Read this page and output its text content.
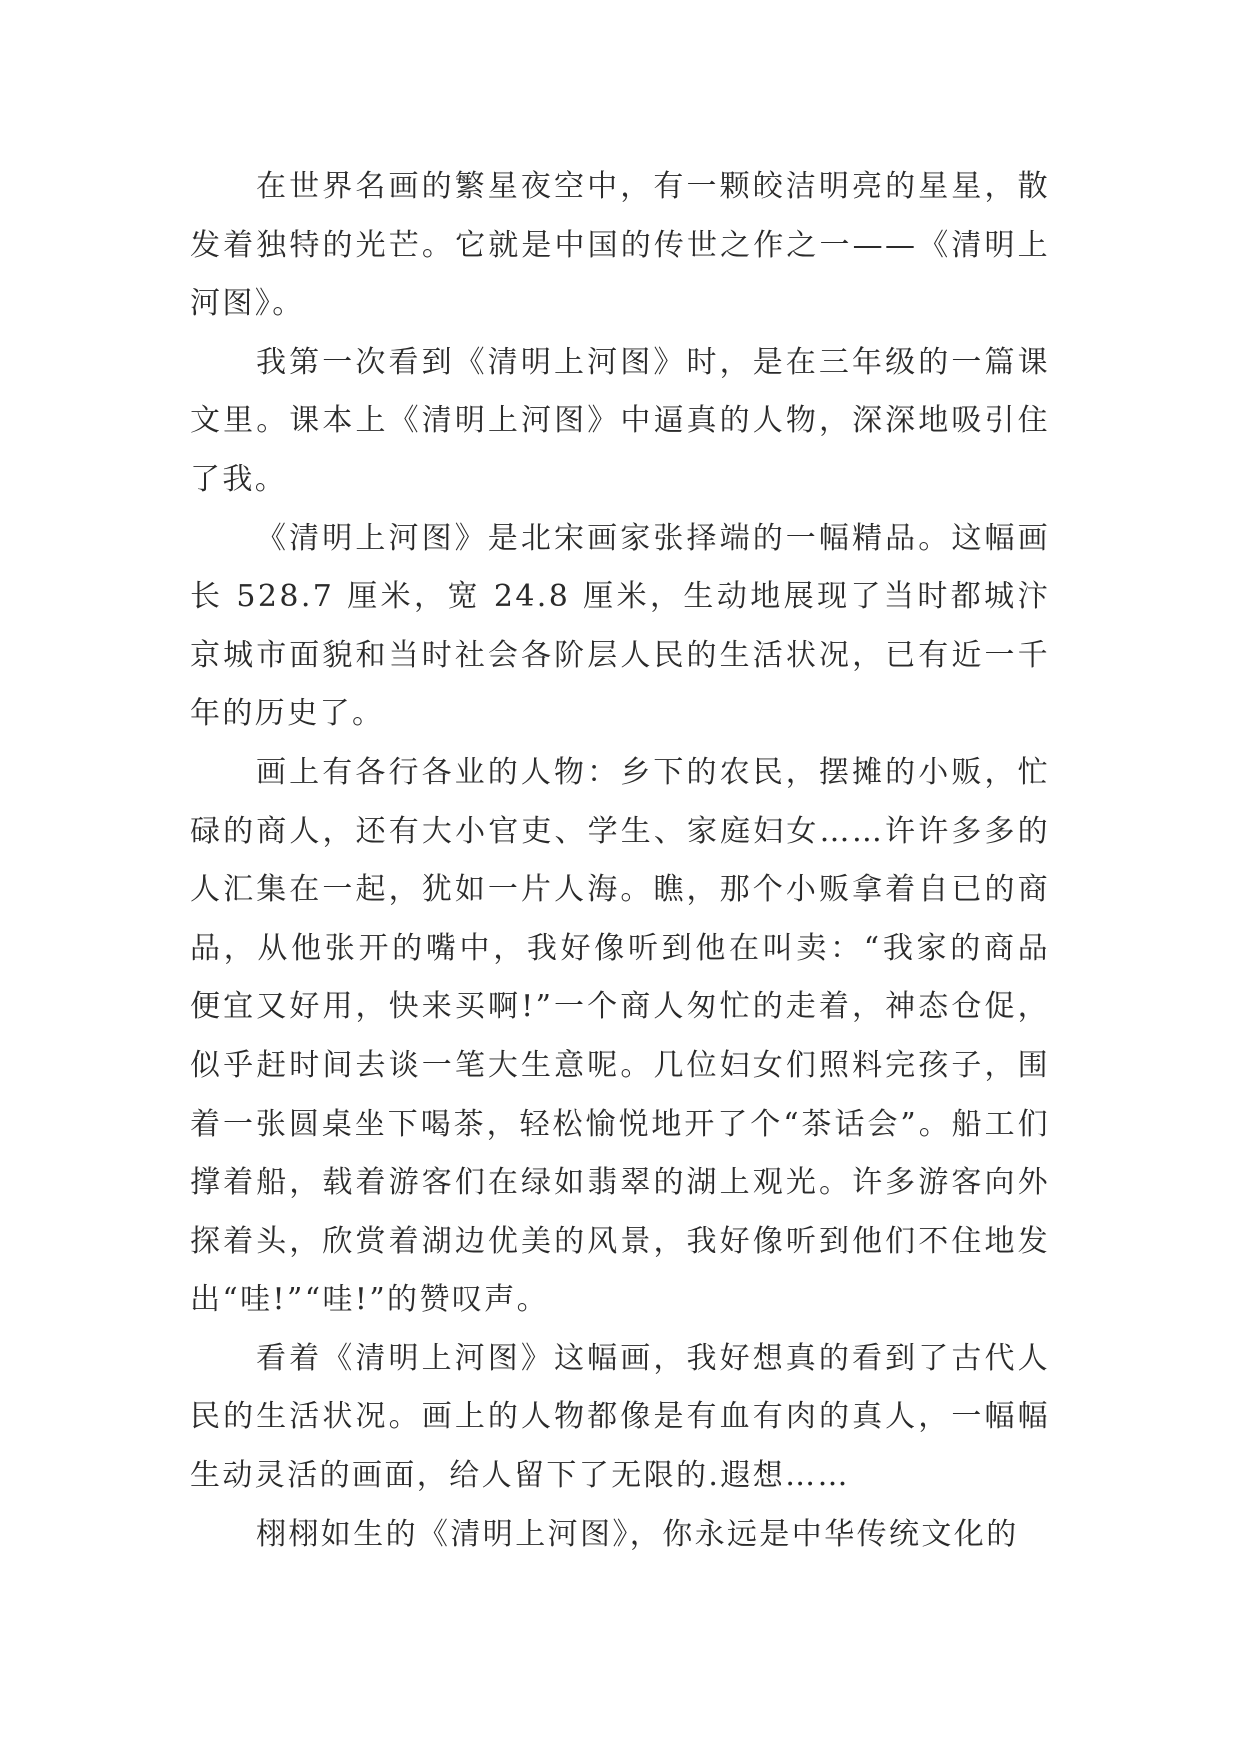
在世界名画的繁星夜空中，有一颗皎洁明亮的星星，散发着独特的光芒。它就是中国的传世之作之一——《清明上河图》。

我第一次看到《清明上河图》时，是在三年级的一篇课文里。课本上《清明上河图》中逼真的人物，深深地吸引住了我。

《清明上河图》是北宋画家张择端的一幅精品。这幅画长 528.7 厘米，宽 24.8 厘米，生动地展现了当时都城汴京城市面貌和当时社会各阶层人民的生活状况，已有近一千年的历史了。

画上有各行各业的人物：乡下的农民，摆摊的小贩，忙碌的商人，还有大小官吏、学生、家庭妇女……许许多多的人汇集在一起，犹如一片人海。瞧，那个小贩拿着自已的商品，从他张开的嘴中，我好像听到他在叫卖：“我家的商品便宜又好用，快来买啊!”一个商人匆忙的走着，神态仓促，似乎赶时间去谈一笔大生意呢。几位妇女们照料完孩子，围着一张圆桌坐下喝茶，轻松愉悦地开了个“茶话会”。船工们撑着船，载着游客们在绿如翡翠的湖上观光。许多游客向外探着头，欣赏着湖边优美的风景，我好像听到他们不住地发出“哇!”“哇!”的赞叹声。

看着《清明上河图》这幅画，我好想真的看到了古代人民的生活状况。画上的人物都像是有血有肉的真人，一幅幅生动灵活的画面，给人留下了无限的.遐想……

栩栩如生的《清明上河图》，你永远是中华传统文化的
